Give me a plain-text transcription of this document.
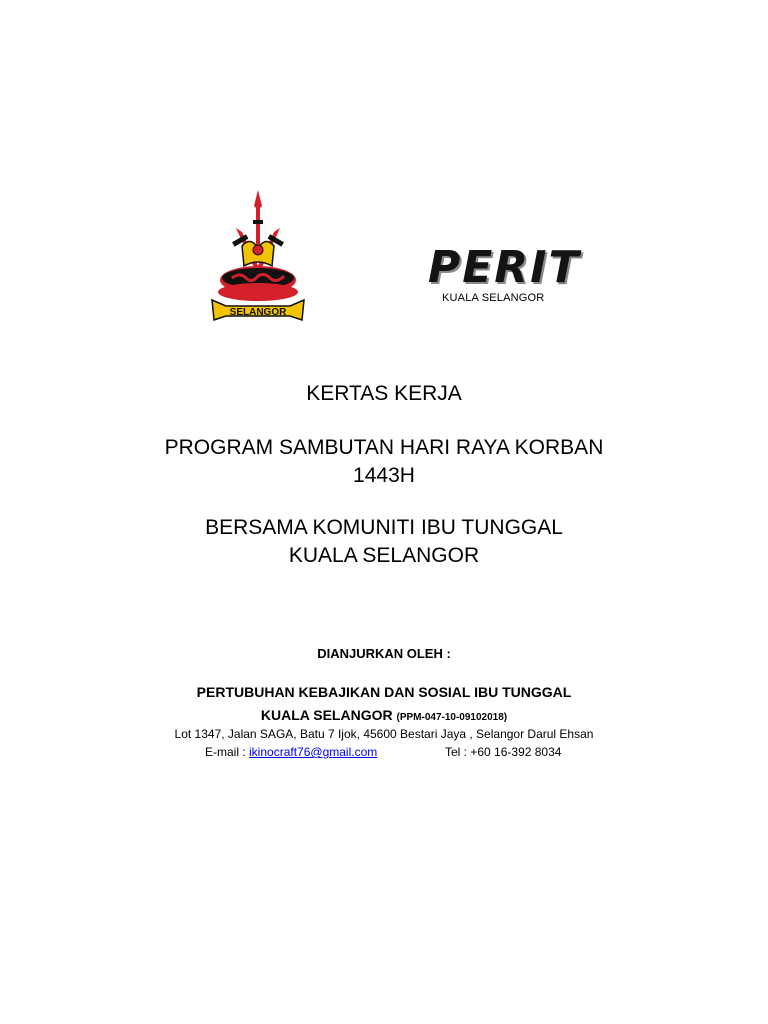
SELANGOR
PERIT
KUALA SELANGOR
KERTAS KERJA
PROGRAM SAMBUTAN HARI RAYA KORBAN
1443H
BERSAMA KOMUNITI IBU TUNGGAL
KUALA SELANGOR
DIANJURKAN OLEH :
PERTUBUHAN KEBAJIKAN DAN SOSIAL IBU TUNGGAL
KUALA SELANGOR (PPM-047-10-09102018)
Lot 1347, Jalan SAGA, Batu 7 Ijok, 45600 Bestari Jaya , Selangor Darul Ehsan
E-mail : ikinocraft76@gmail.com	Tel : +60 16-392 8034
